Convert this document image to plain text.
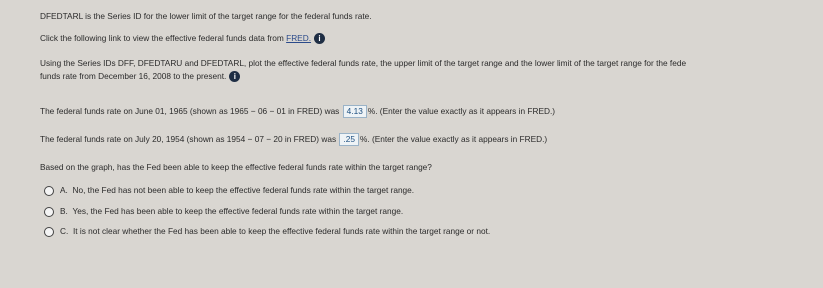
DFEDTARL is the Series ID for the lower limit of the target range for the federal funds rate.
Click the following link to view the effective federal funds data from FRED. i
Using the Series IDs DFF, DFEDTARU and DFEDTARL, plot the effective federal funds rate, the upper limit of the target range and the lower limit of the target range for the fede
funds rate from December 16, 2008 to the present. i
The federal funds rate on June 01, 1965 (shown as 1965 − 06 − 01 in FRED) was 4.13 %. (Enter the value exactly as it appears in FRED.)
The federal funds rate on July 20, 1954 (shown as 1954 − 07 − 20 in FRED) was .25 %. (Enter the value exactly as it appears in FRED.)
Based on the graph, has the Fed been able to keep the effective federal funds rate within the target range?
A. No, the Fed has not been able to keep the effective federal funds rate within the target range.
B. Yes, the Fed has been able to keep the effective federal funds rate within the target range.
C. It is not clear whether the Fed has been able to keep the effective federal funds rate within the target range or not.
